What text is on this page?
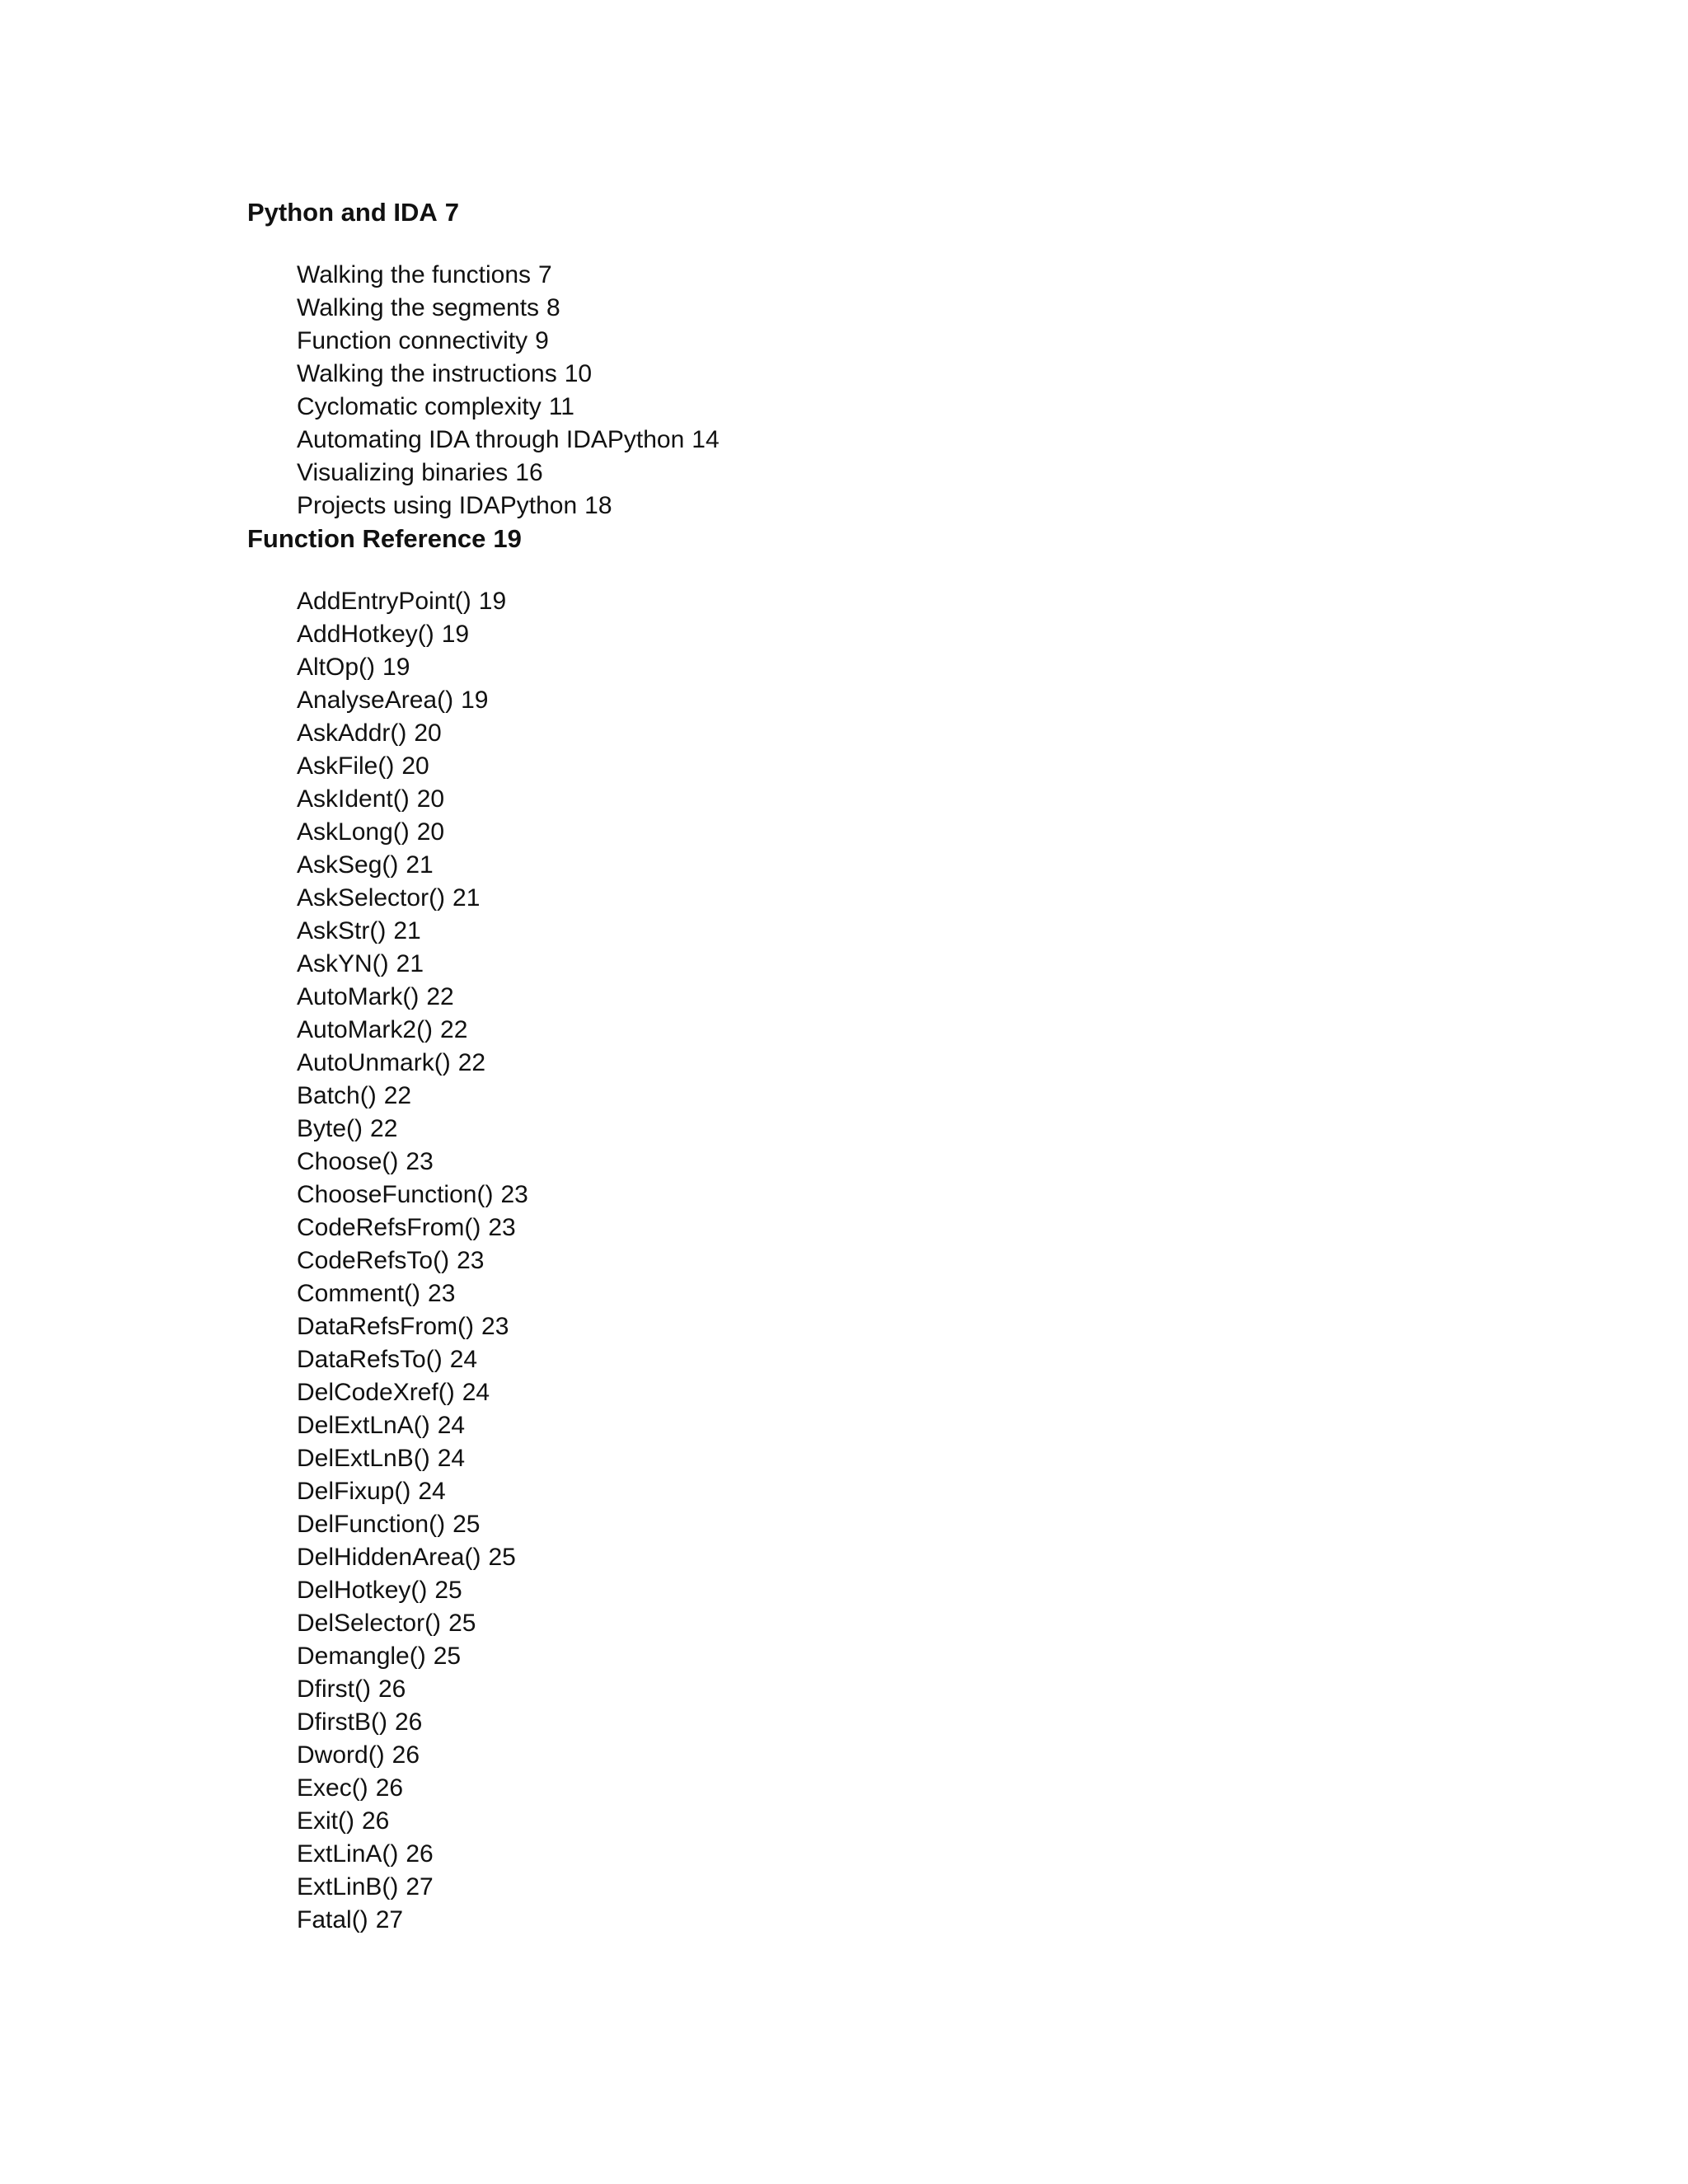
Python and IDA 7
Walking the functions 7
Walking the segments 8
Function connectivity 9
Walking the instructions 10
Cyclomatic complexity 11
Automating IDA through IDAPython 14
Visualizing binaries 16
Projects using IDAPython 18
Function Reference 19
AddEntryPoint() 19
AddHotkey() 19
AltOp() 19
AnalyseArea() 19
AskAddr() 20
AskFile() 20
AskIdent() 20
AskLong() 20
AskSeg() 21
AskSelector() 21
AskStr() 21
AskYN() 21
AutoMark() 22
AutoMark2() 22
AutoUnmark() 22
Batch() 22
Byte() 22
Choose() 23
ChooseFunction() 23
CodeRefsFrom() 23
CodeRefsTo() 23
Comment() 23
DataRefsFrom() 23
DataRefsTo() 24
DelCodeXref() 24
DelExtLnA() 24
DelExtLnB() 24
DelFixup() 24
DelFunction() 25
DelHiddenArea() 25
DelHotkey() 25
DelSelector() 25
Demangle() 25
Dfirst() 26
DfirstB() 26
Dword() 26
Exec() 26
Exit() 26
ExtLinA() 26
ExtLinB() 27
Fatal() 27
